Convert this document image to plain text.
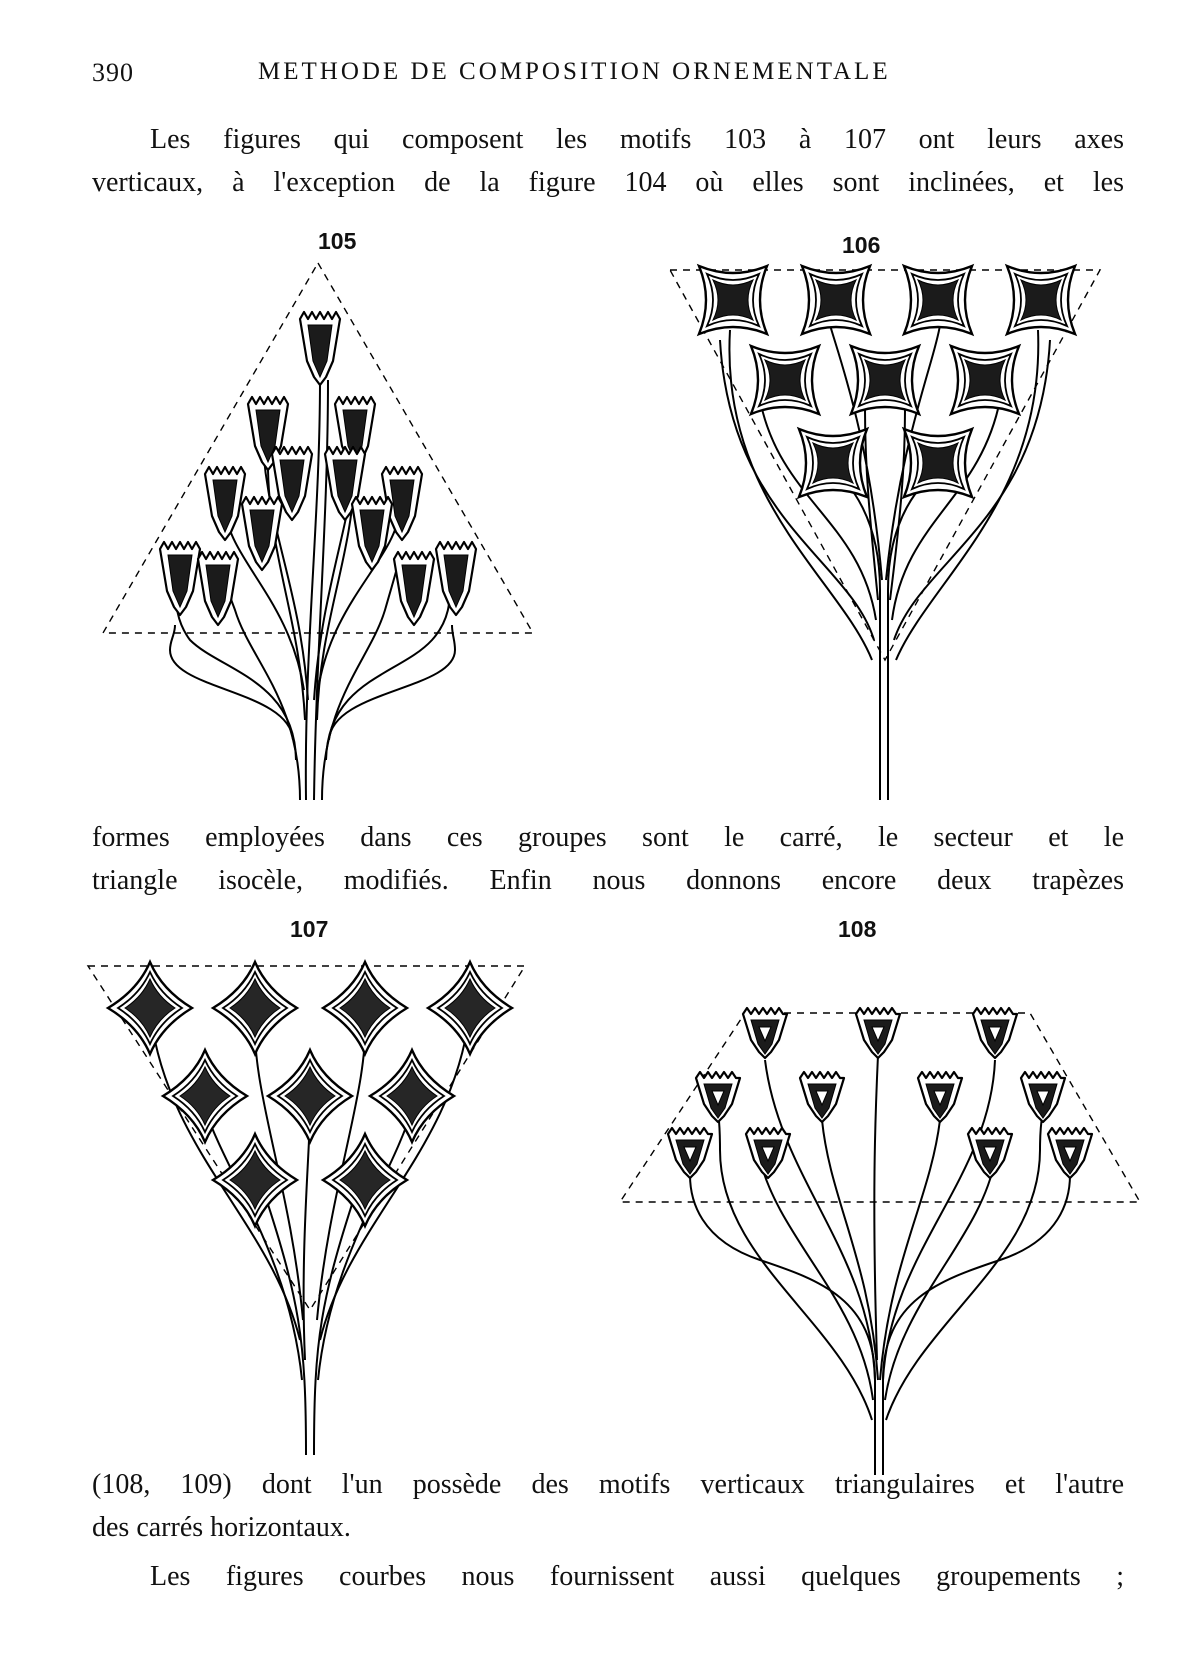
390	METHODE DE COMPOSITION ORNEMENTALE
Les figures qui composent les motifs 103 à 107 ont leurs axes
verticaux, à l'exception de la figure 104 où elles sont inclinées, et les
105	106
formes employées dans ces groupes sont le carré, le secteur et le
triangle isocèle, modifiés. Enfin nous donnons encore deux trapèzes
107	108
(108, 109) dont l'un possède des motifs verticaux triangulaires et l'autre
des carrés horizontaux.
Les figures courbes nous fournissent aussi quelques groupements ;
